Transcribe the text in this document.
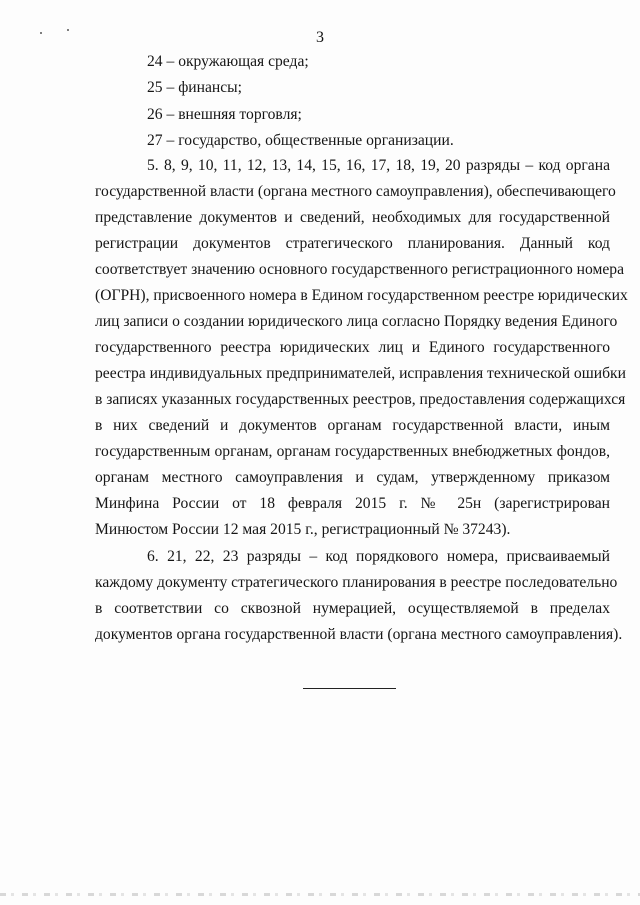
3
24 – окружающая среда;
25 – финансы;
26 – внешняя торговля;
27 – государство, общественные организации.
5. 8, 9, 10, 11, 12, 13, 14, 15, 16, 17, 18, 19, 20 разряды – код органа
государственной власти (органа местного самоуправления), обеспечивающего
представление документов и сведений, необходимых для государственной
регистрации документов стратегического планирования. Данный код
соответствует значению основного государственного регистрационного номера
(ОГРН), присвоенного номера в Едином государственном реестре юридических
лиц записи о создании юридического лица согласно Порядку ведения Единого
государственного реестра юридических лиц и Единого государственного
реестра индивидуальных предпринимателей, исправления технической ошибки
в записях указанных государственных реестров, предоставления содержащихся
в них сведений и документов органам государственной власти, иным
государственным органам, органам государственных внебюджетных фондов,
органам местного самоуправления и судам, утвержденному приказом
Минфина России от 18 февраля 2015 г. № 25н (зарегистрирован
Минюстом России 12 мая 2015 г., регистрационный № 37243).
6. 21, 22, 23 разряды – код порядкового номера, присваиваемый
каждому документу стратегического планирования в реестре последовательно
в соответствии со сквозной нумерацией, осуществляемой в пределах
документов органа государственной власти (органа местного самоуправления).
